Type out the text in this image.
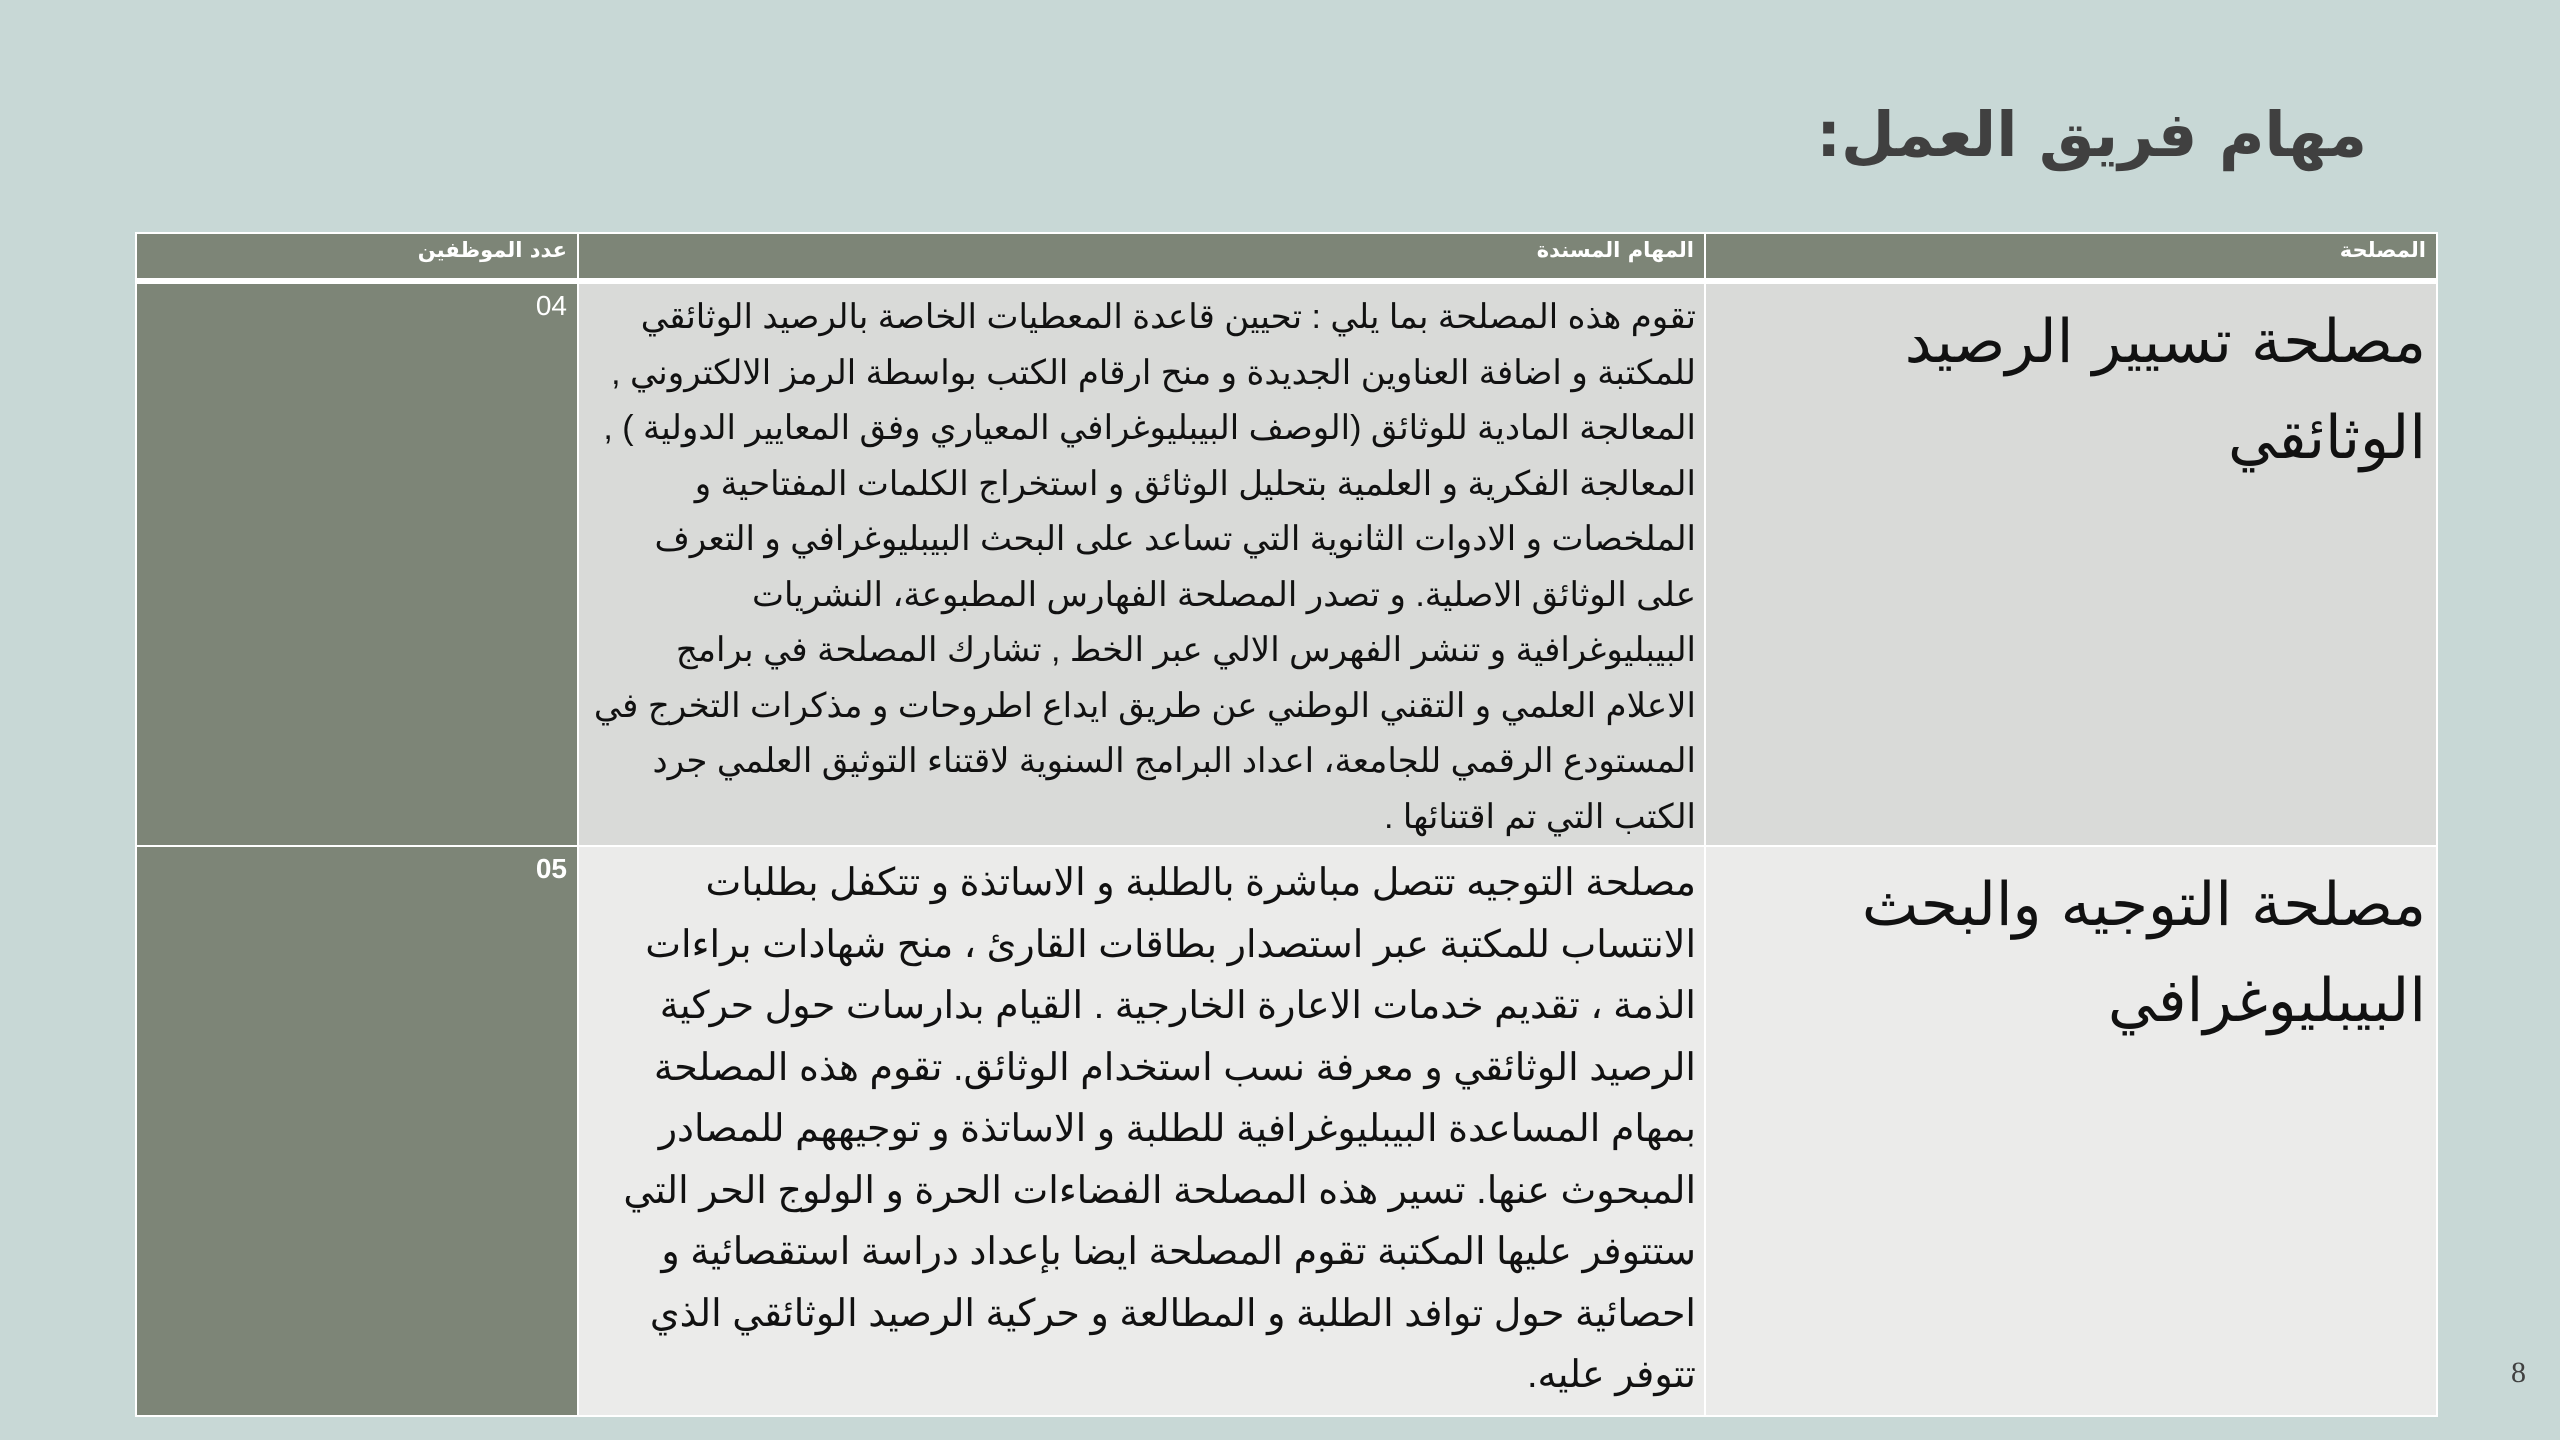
مهام فريق العمل:
المصلحة	المهام المسندة	عدد الموظفين
مصلحة تسيير الرصيد الوثائقي	تقوم هذه المصلحة بما يلي : تحيين قاعدة المعطيات الخاصة بالرصيد الوثائقي للمكتبة و اضافة العناوين الجديدة و منح ارقام الكتب بواسطة الرمز الالكتروني , المعالجة المادية للوثائق (الوصف البيبليوغرافي المعياري وفق المعايير الدولية ) , المعالجة الفكرية و العلمية بتحليل الوثائق و استخراج الكلمات المفتاحية و الملخصات و الادوات الثانوية التي تساعد على البحث البيبليوغرافي و التعرف على الوثائق الاصلية. و تصدر المصلحة الفهارس المطبوعة، النشريات البيبليوغرافية و تنشر الفهرس الالي عبر الخط , تشارك المصلحة في برامج الاعلام العلمي و التقني الوطني عن طريق ايداع اطروحات و مذكرات التخرج في المستودع الرقمي للجامعة، اعداد البرامج السنوية لاقتناء التوثيق العلمي جرد الكتب التي تم اقتنائها .	04
مصلحة التوجيه والبحث البيبليوغرافي	مصلحة التوجيه تتصل مباشرة بالطلبة و الاساتذة و تتكفل بطلبات الانتساب للمكتبة عبر استصدار بطاقات القارئ ، منح شهادات براءات الذمة ، تقديم خدمات الاعارة الخارجية . القيام بدارسات حول حركية الرصيد الوثائقي و معرفة نسب استخدام الوثائق. تقوم هذه المصلحة بمهام المساعدة البيبليوغرافية للطلبة و الاساتذة و توجيههم للمصادر المبحوث عنها. تسير هذه المصلحة الفضاءات الحرة و الولوج الحر التي ستتوفر عليها المكتبة تقوم المصلحة ايضا بإعداد دراسة استقصائية و احصائية حول توافد الطلبة و المطالعة و حركية الرصيد الوثائقي الذي تتوفر عليه.	05
8
